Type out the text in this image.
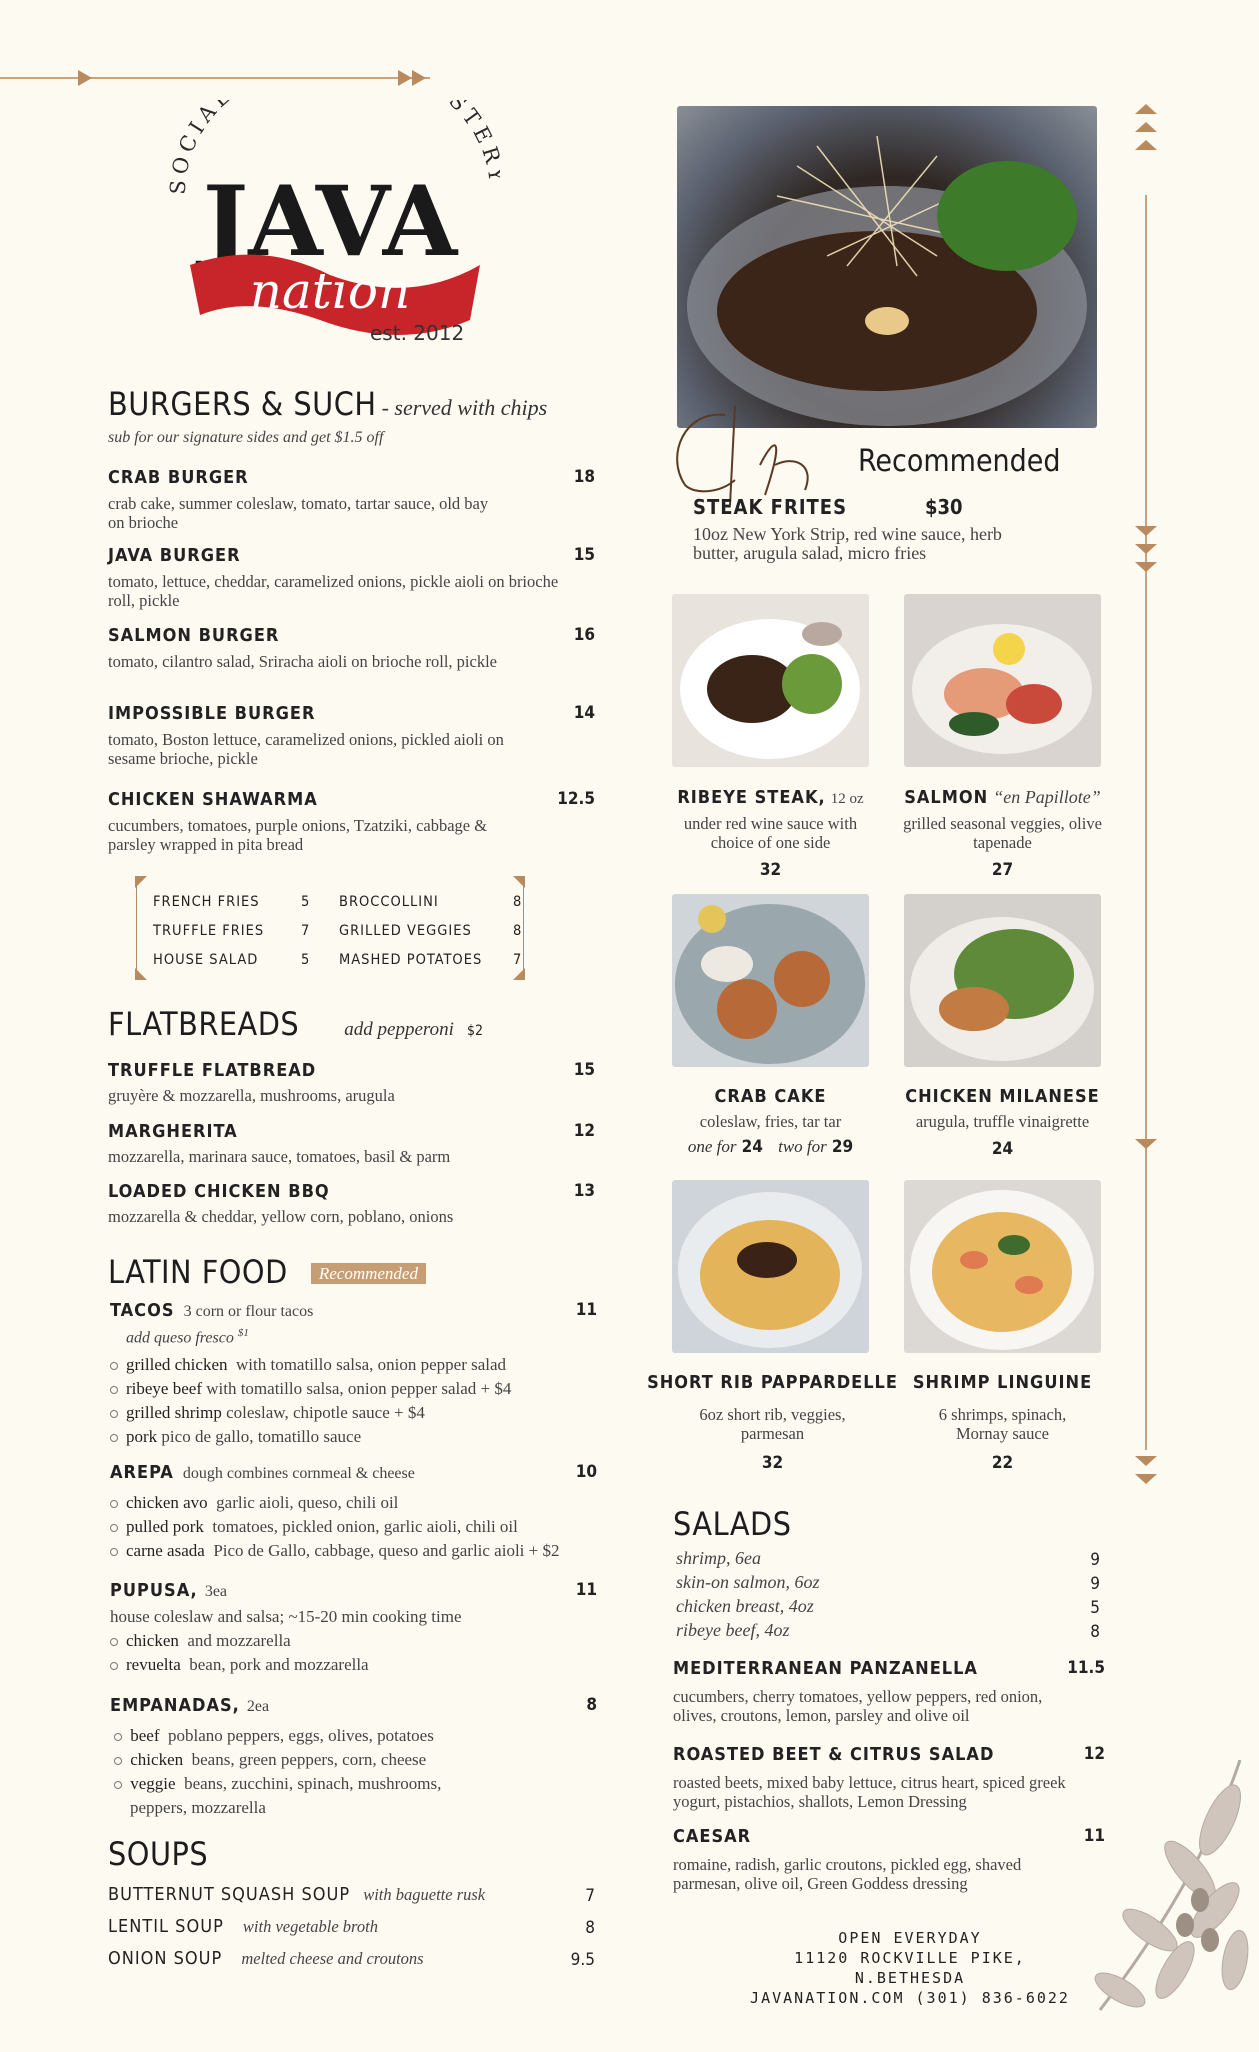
SOCIA STE
JAVA
nation
est. 2012
BURGERS & SUCH - served with chips
sub for our signature sides and get $1.5 off
CRAB BURGER	18
crab cake, summer coleslaw, tomato, tartar sauce, old bay on brioche
JAVA BURGER	15
tomato, lettuce, cheddar, caramelized onions, pickle aioli on brioche roll, pickle
SALMON BURGER	16
tomato, cilantro salad, Sriracha aioli on brioche roll, pickle
IMPOSSIBLE BURGER	14
tomato, Boston lettuce, caramelized onions, pickled aioli on sesame brioche, pickle
CHICKEN SHAWARMA	12.5
cucumbers, tomatoes, purple onions, Tzatziki, cabbage & parsley wrapped in pita bread
FRENCH FRIES	5 BROCCOLLINI	8
TRUFFLE FRIES	7 GRILLED VEGGIES	8
HOUSE SALAD	5 MASHED POTATOES 7
FLATBREADS add pepperoni $2
TRUFFLE FLATBREAD	15
gruyère & mozzarella, mushrooms, arugula
MARGHERITA	12
mozzarella, marinara sauce, tomatoes, basil & parm
LOADED CHICKEN BBQ	13
mozzarella & cheddar, yellow corn, poblano, onions
LATIN FOOD Recommended
TACOS 3 corn or flour tacos	11
add queso fresco $^{\$1}$
grilled chicken with tomatillo salsa, onion pepper salad
ribeye beef with tomatillo salsa, onion pepper salad + $4
grilled shrimp coleslaw, chipotle sauce + $4
pork pico de gallo, tomatillo sauce
AREPA dough combines cornmeal & cheese	10
chicken avo garlic aioli, queso, chili oil
pulled pork tomatoes, pickled onion, garlic aioli, chili oil
carne asada Pico de Gallo, cabbage, queso and garlic aioli + $2
PUPUSA, 3ea	11
house coleslaw and salsa; ~15-20 min cooking time
chicken and mozzarella
revuelta bean, pork and mozzarella
EMPANADAS, 2ea	8
beef poblano peppers, eggs, olives, potatoes
chicken beans, green peppers, corn, cheese
veggie beans, zucchini, spinach, mushrooms,
peppers, mozzarella
SOUPS
BUTTERNUT SQUASH SOUP with baguette rusk	7
LENTIL SOUP with vegetable broth	8
ONION SOUP melted cheese and croutons	9.5
Recommended
STEAK FRITES	$30
10oz New York Strip, red wine sauce, herb butter, arugula salad, micro fries
RIBEYE STEAK, 12 oz
under red wine sauce with choice of one side
32
SALMON “en Papillote”
grilled seasonal veggies, olive tapenade
27
CRAB CAKE
coleslaw, fries, tar tar
one for 24 two for 29
CHICKEN MILANESE
arugula, truffle vinaigrette
24
SHORT RIB PAPPARDELLE
6oz short rib, veggies, parmesan
32
SHRIMP LINGUINE
6 shrimps, spinach, Mornay sauce
22
SALADS
shrimp, 6ea	9
skin-on salmon, 6oz	9
chicken breast, 4oz	5
ribeye beef, 4oz	8
MEDITERRANEAN PANZANELLA	11.5
cucumbers, cherry tomatoes, yellow peppers, red onion, olives, croutons, lemon, parsley and olive oil
ROASTED BEET & CITRUS SALAD	12
roasted beets, mixed baby lettuce, citrus heart, spiced greek yogurt, pistachios, shallots, Lemon Dressing
CAESAR	11
romaine, radish, garlic croutons, pickled egg, shaved parmesan, olive oil, Green Goddess dressing
OPEN EVERYDAY
11120 ROCKVILLE PIKE, N.BETHESDA
JAVANATION.COM (301) 836-6022
